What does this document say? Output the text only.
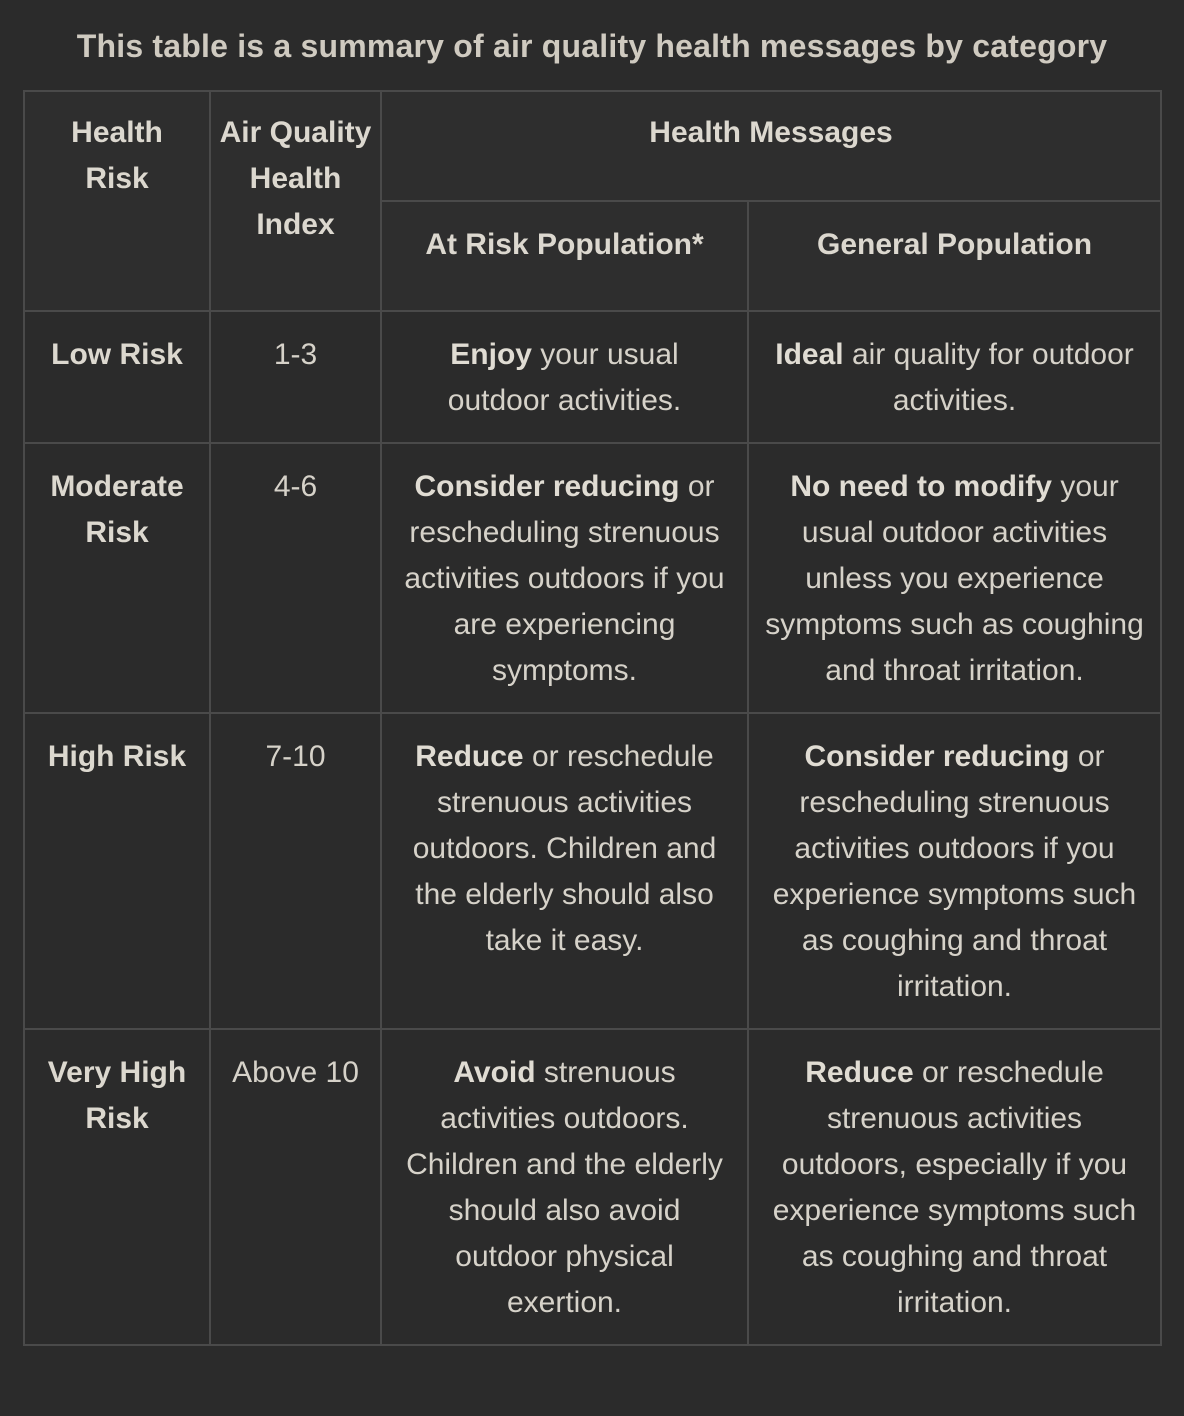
This table is a summary of air quality health messages by category
Health Risk	Air Quality Health Index	Health Messages	
		At Risk Population*	General Population
Low Risk	1-3	Enjoy your usual outdoor activities.	Ideal air quality for outdoor activities.
Moderate Risk	4-6	Consider reducing or rescheduling strenuous activities outdoors if you are experiencing symptoms.	No need to modify your usual outdoor activities unless you experience symptoms such as coughing and throat irritation.
High Risk	7-10	Reduce or reschedule strenuous activities outdoors. Children and the elderly should also take it easy.	Consider reducing or rescheduling strenuous activities outdoors if you experience symptoms such as coughing and throat irritation.
Very High Risk	Above 10	Avoid strenuous activities outdoors. Children and the elderly should also avoid outdoor physical exertion.	Reduce or reschedule strenuous activities outdoors, especially if you experience symptoms such as coughing and throat irritation.
